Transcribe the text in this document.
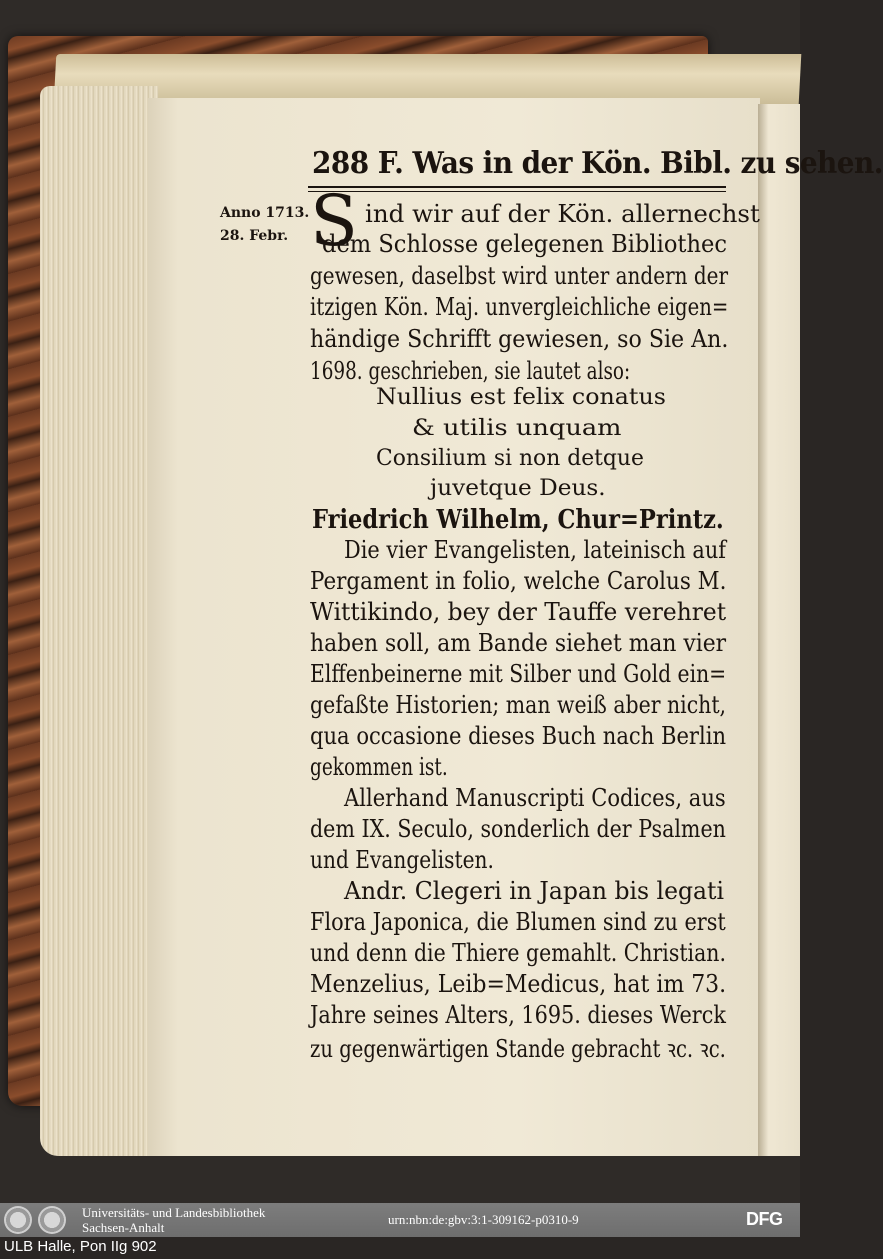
288 F. Was in der Kön. Bibl. zu sehen.
Anno 1713.
28. Febr. S ind wir auf der Kön. allernechst
dem Schlosse gelegenen Bibliothec
gewesen, daselbst wird unter andern der
itzigen Kön. Maj. unvergleichliche eigen=
händige Schrifft gewiesen, so Sie An.
1698. geschrieben, sie lautet also:
Nullius est felix conatus
& utilis unquam
Consilium si non detque
juvetque Deus.
Friedrich Wilhelm, Chur=Printz.
Die vier Evangelisten, lateinisch auf
Pergament in folio, welche Carolus M.
Wittikindo, bey der Tauffe verehret
haben soll, am Bande siehet man vier
Elffenbeinerne mit Silber und Gold ein=
gefaßte Historien; man weiß aber nicht,
qua occasione dieses Buch nach Berlin
gekommen ist.
Allerhand Manuscripti Codices, aus
dem IX. Seculo, sonderlich der Psalmen
und Evangelisten.
Andr. Clegeri in Japan bis legati
Flora Japonica, die Blumen sind zu erst
und denn die Thiere gemahlt. Christian.
Menzelius, Leib=Medicus, hat im 73.
Jahre seines Alters, 1695. dieses Werck
zu gegenwärtigen Stande gebracht ꝛc. ꝛc.
Universitäts- und Landesbibliothek
Sachsen-Anhalt
urn:nbn:de:gbv:3:1-309162-p0310-9	DFG
ULB Halle, Pon IIg 902
